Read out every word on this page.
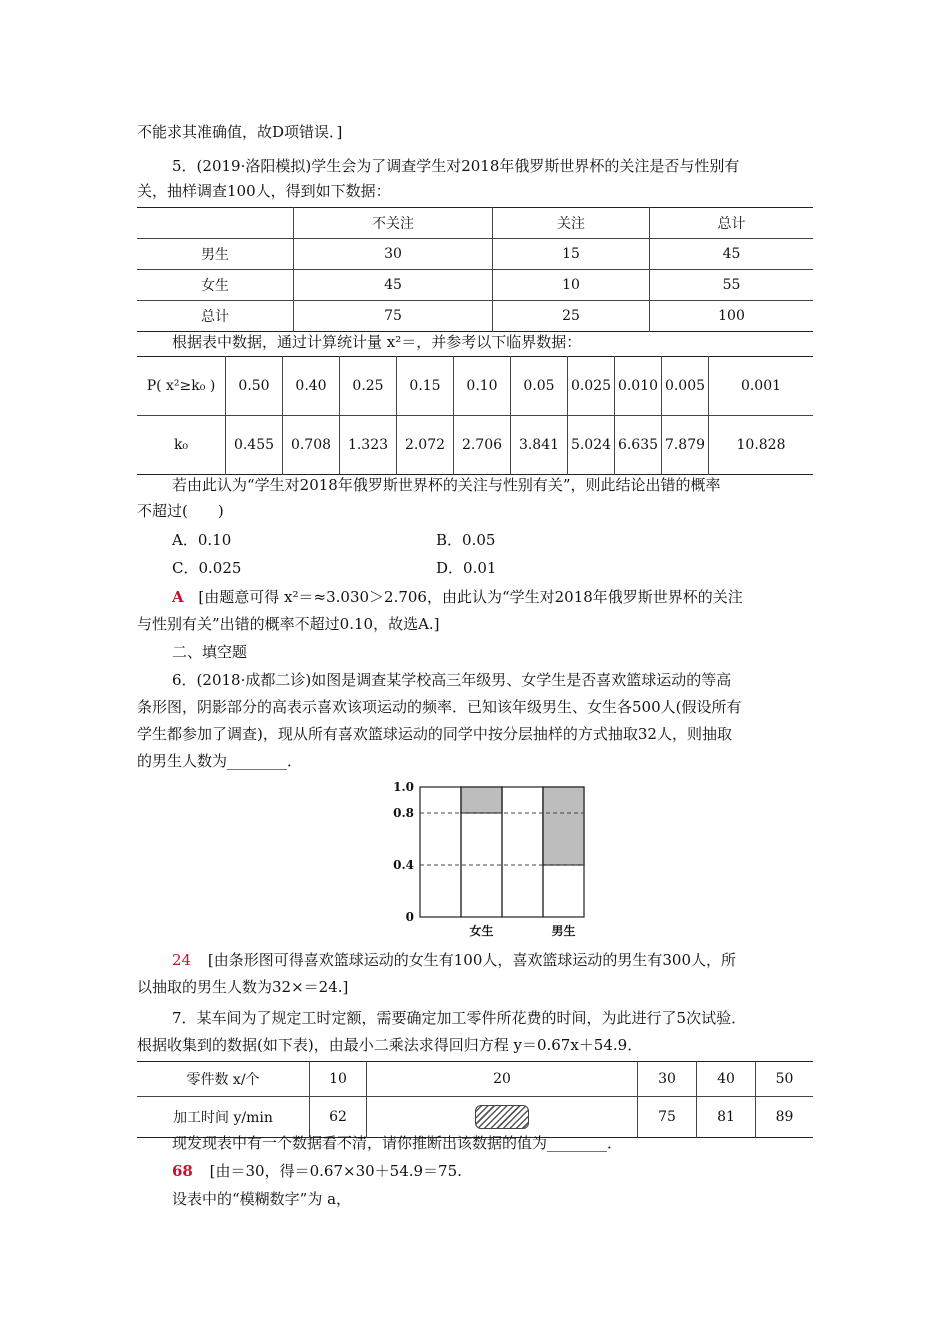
不能求其准确值，故D项错误．]
5．(2019·洛阳模拟)学生会为了调查学生对2018年俄罗斯世界杯的关注是否与性别有
关，抽样调查100人，得到如下数据：
	不关注	关注	总计
男生	30	15	45
女生	45	10	55
总计	75	25	100
根据表中数据，通过计算统计量 x²＝，并参考以下临界数据：
P( x²≥k₀ )	0.50	0.40	0.25	0.15	0.10	0.05	0.025	0.010	0.005	0.001
k₀	0.455	0.708	1.323	2.072	2.706	3.841	5.024	6.635	7.879	10.828
若由此认为“学生对2018年俄罗斯世界杯的关注与性别有关”，则此结论出错的概率
不超过(　　)
A．0.10	B．0.05
C．0.025	D．0.01
A [由题意可得 x²＝≈3.030＞2.706，由此认为“学生对2018年俄罗斯世界杯的关注
与性别有关”出错的概率不超过0.10，故选A.]
二、填空题
6．(2018·成都二诊)如图是调查某学校高三年级男、女学生是否喜欢篮球运动的等高
条形图，阴影部分的高表示喜欢该项运动的频率．已知该年级男生、女生各500人(假设所有
学生都参加了调查)，现从所有喜欢篮球运动的同学中按分层抽样的方式抽取32人，则抽取
的男生人数为________．
女生	男生
1.0
0.8
0.4
0
24 [由条形图可得喜欢篮球运动的女生有100人，喜欢篮球运动的男生有300人，所
以抽取的男生人数为32×＝24.]
7．某车间为了规定工时定额，需要确定加工零件所花费的时间，为此进行了5次试验．
根据收集到的数据(如下表)，由最小二乘法求得回归方程 y＝0.67x＋54.9．
零件数 x/个	10	20	30	40	50
加工时间 y/min	62		75	81	89
现发现表中有一个数据看不清，请你推断出该数据的值为________．
68 [由＝30，得＝0.67×30＋54.9＝75.
设表中的“模糊数字”为 a，
